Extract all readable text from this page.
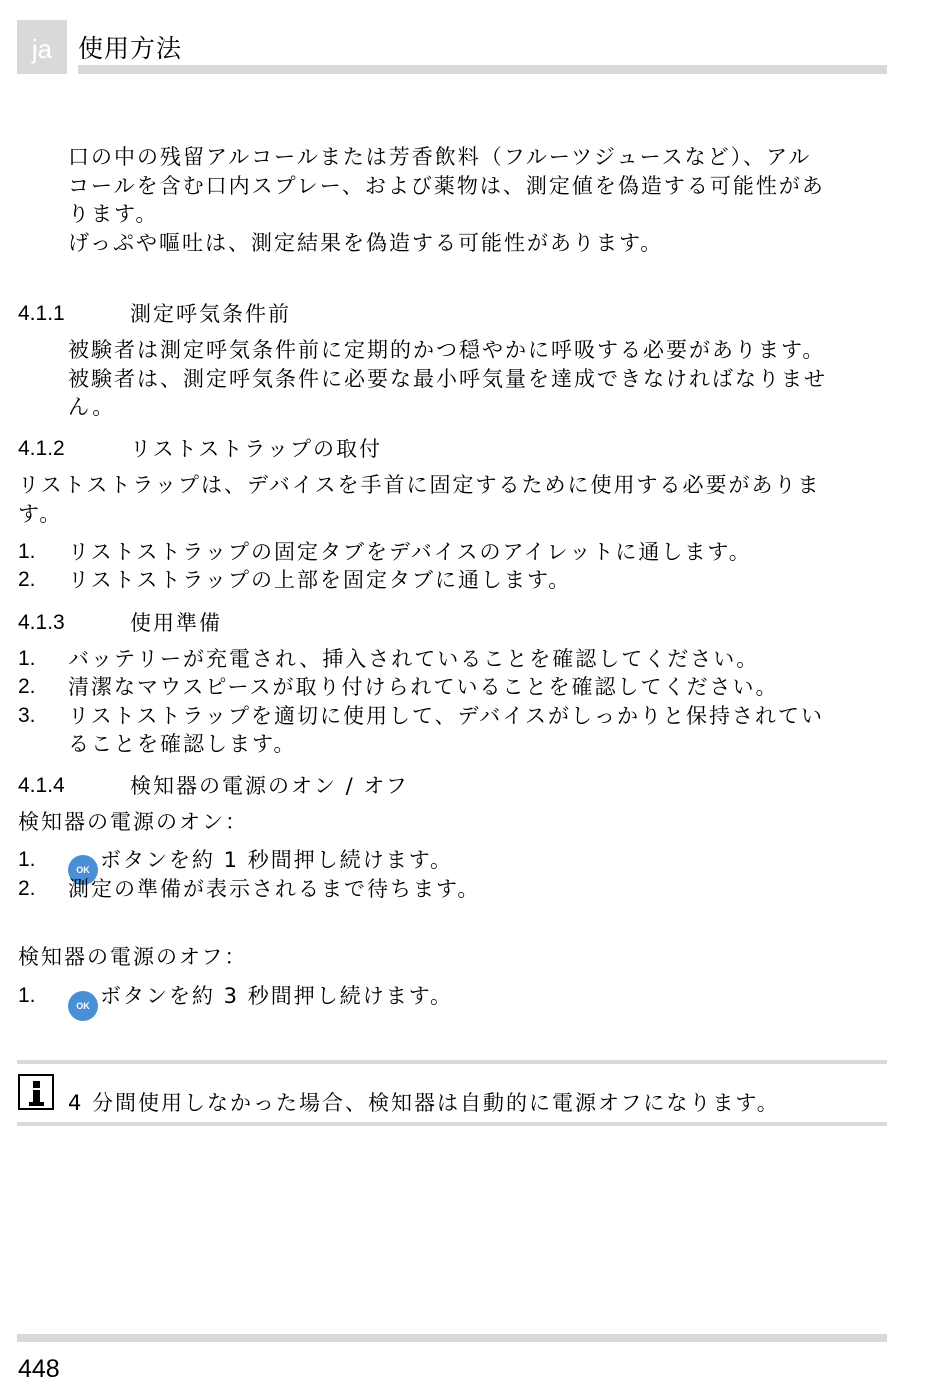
ja	使用方法
口の中の残留アルコールまたは芳香飲料（フルーツジュースなど）、アル
コールを含む口内スプレー、および薬物は、測定値を偽造する可能性があ
ります。
げっぷや嘔吐は、測定結果を偽造する可能性があります。
4.1.1	測定呼気条件前
被験者は測定呼気条件前に定期的かつ穏やかに呼吸する必要があります。
被験者は、測定呼気条件に必要な最小呼気量を達成できなければなりませ
ん。
4.1.2	リストストラップの取付
リストストラップは、デバイスを手首に固定するために使用する必要がありま
す。
1. リストストラップの固定タブをデバイスのアイレットに通します。
2. リストストラップの上部を固定タブに通します。
4.1.3	使用準備
1. バッテリーが充電され、挿入されていることを確認してください。
2. 清潔なマウスピースが取り付けられていることを確認してください。
3. リストストラップを適切に使用して、デバイスがしっかりと保持されてい
ることを確認します。
4.1.4	検知器の電源のオン / オフ
検知器の電源のオン：
1.	OK ボタンを約 1 秒間押し続けます。
2. 測定の準備が表示されるまで待ちます。
検知器の電源のオフ：
1.	OK ボタンを約 3 秒間押し続けます。
4 分間使用しなかった場合、検知器は自動的に電源オフになります。
448
